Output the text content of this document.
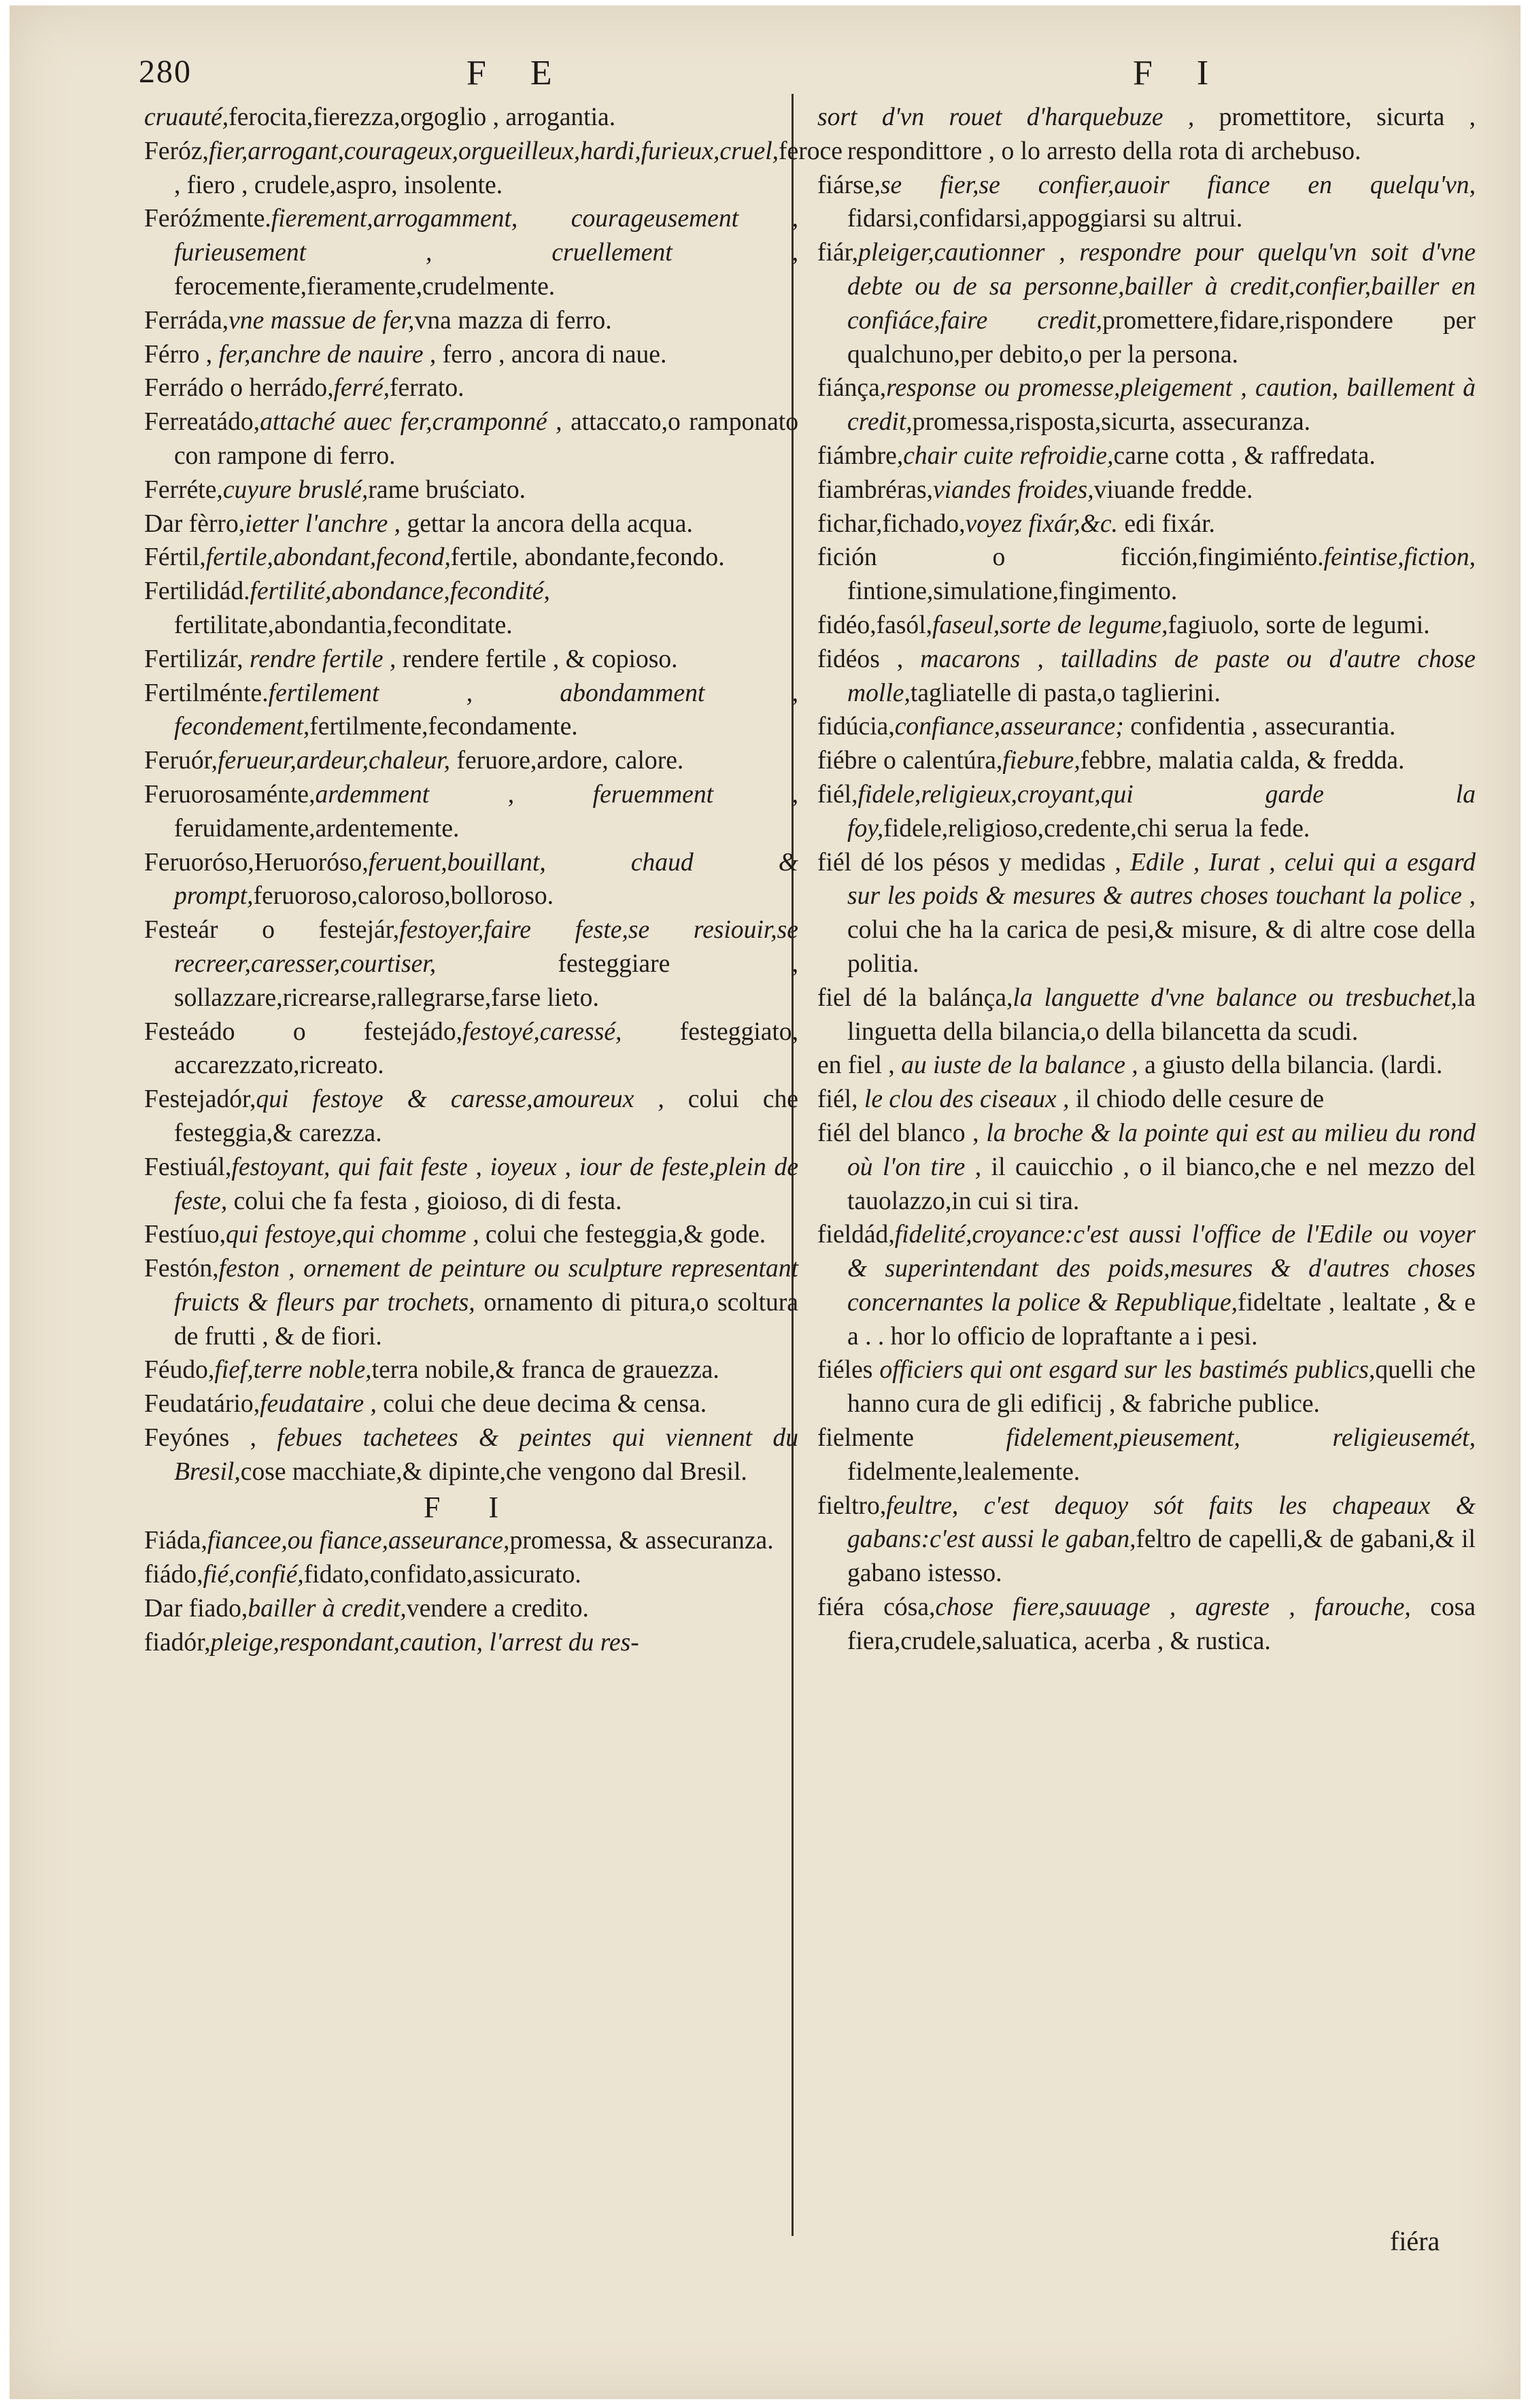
280	F E	F I

cruauté,ferocita,fierezza,orgoglio , arrogantia.

Feróz,fier,arrogant,courageux,orgueilleux,hardi,furieux,cruel,feroce , fiero , crudele,aspro, insolente.

Feróźmente.fierement,arrogamment, courageusement , furieusement , cruellement , ferocemente,fieramente,crudelmente.

Ferráda,vne massue de fer,vna mazza di ferro.

Férro , fer,anchre de nauire , ferro , ancora di naue.

Ferrádo o herrádo,ferré,ferrato.

Ferreatádo,attaché auec fer,cramponné , attaccato,o ramponato con rampone di ferro.

Ferréte,cuyure bruslé,rame bruściato.

Dar fèrro,ietter l'anchre , gettar la ancora della acqua.

Fértil,fertile,abondant,fecond,fertile, abondante,fecondo.

Fertilidád.fertilité,abondance,fecondité, fertilitate,abondantia,feconditate.

Fertilizár, rendre fertile , rendere fertile , & copioso.

Fertilménte.fertilement , abondamment , fecondement,fertilmente,fecondamente.

Feruór,ferueur,ardeur,chaleur, feruore,ardore, calore.

Feruorosaménte,ardemment , feruemment , feruidamente,ardentemente.

Feruorósо,Heruoróso,feruent,bouillant, chaud & prompt,feruoroso,caloroso,bolloroso.

Festeár o festejár,festoyer,faire feste,se resiouir,se recreer,caresser,courtiser, festeggiare , sollazzare,ricrearse,rallegrarse,farse lieto.

Festeádo o festejádo,festoyé,caressé, festeggiato, accarezzato,ricreato.

Festejadór,qui festoye & caresse,amoureux , colui che festeggia,& carezza.

Festiuál,festoyant, qui fait feste , ioyeux , iour de feste,plein de feste, colui che fa festa , gioioso, di di festa.

Festíuo,qui festoye,qui chomme , colui che festeggia,& gode.

Festón,feston , ornement de peinture ou sculpture representant fruicts & fleurs par trochets, ornamento di pitura,o scoltura de frutti , & de fiori.

Féudo,fief,terre noble,terra nobile,& franca de grauezza.

Feudatário,feudataire , colui che deue decima & censa.

Feyónes , febues tachetees & peintes qui viennent du Bresil,cose macchiate,& dipinte,che vengono dal Bresil.

F I

Fiáda,fiancee,ou fiance,asseurance,promessa, & assecuranza.

fiádo,fié,confié,fidato,confidato,assicurato.

Dar fiado,bailler à credit,vendere a credito.

fiadór,pleige,respondant,caution, l'arrest du res-

sort d'vn rouet d'harquebuze , promettitore, sicurta , respondittore , o lo arresto della rota di archebuso.

fiárse,se fier,se confier,auoir fiance en quelqu'vn, fidarsi,confidarsi,appoggiarsi su altrui.

fiár,pleiger,cautionner , respondre pour quelqu'vn soit d'vne debte ou de sa personne,bailler à credit,confier,bailler en confiáce,faire credit,promettere,fidare,rispondere per qualchuno,per debito,o per la persona.

fiánça,response ou promesse,pleigement , caution, baillement à credit,promessa,risposta,sicurta, assecuranza.

fiámbre,chair cuite refroidie,carne cotta , & raffredata.

fiambréras,viandes froides,viuande fredde.

fichar,fichado,voyez fixár,&c. edi fixár.

fición o ficción,fingimiénto.feintise,fiction, fintione,simulatione,fingimento.

fidéo,fasól,faseul,sorte de legume,fagiuolo, sorte de legumi.

fidéos , macarons , tailladins de paste ou d'autre chose molle,tagliatelle di pasta,o taglierini.

fidúcia,confiance,asseurance; confidentia , assecurantia.

fiébre o calentúra,fiebure,febbre, malatia calda, & fredda.

fiél,fidele,religieux,croyant,qui garde la foy,fidele,religioso,credente,chi serua la fede.

fiél dé los pésos y medidas , Edile , Iurat , celui qui a esgard sur les poids & mesures & autres choses touchant la police , colui che ha la carica de pesi,& misure, & di altre cose della politia.

fiel dé la balánça,la languette d'vne balance ou tresbuchet,la linguetta della bilancia,o della bilancetta da scudi.

en fiel , au iuste de la balance , a giusto della bilancia. (lardi.

fiél, le clou des ciseaux , il chiodo delle cesure de

fiél del blanco , la broche & la pointe qui est au milieu du rond où l'on tire , il cauicchio , o il bianco,che e nel mezzo del tauolazzo,in cui si tira.

fieldád,fidelité,croyance:c'est aussi l'office de l'Edile ou voyer & superintendant des poids,mesures & d'autres choses concernantes la police & Republique,fideltate , lealtate , & e a . . hor lo officio de lopraftante a i pesi.

fiéles officiers qui ont esgard sur les bastimés publics,quelli che hanno cura de gli edificij , & fabriche publice.

fielmente fidelement,pieusement, religieusemét, fidelmente,lealemente.

fieltro,feultre, c'est dequoy sót faits les chapeaux & gabans:c'est aussi le gaban,feltro de capelli,& de gabani,& il gabano istesso.

fiéra cósa,chose fiere,sauuage , agreste , farouche, cosa fiera,crudele,saluatica, acerba , & rustica.

fiéra
